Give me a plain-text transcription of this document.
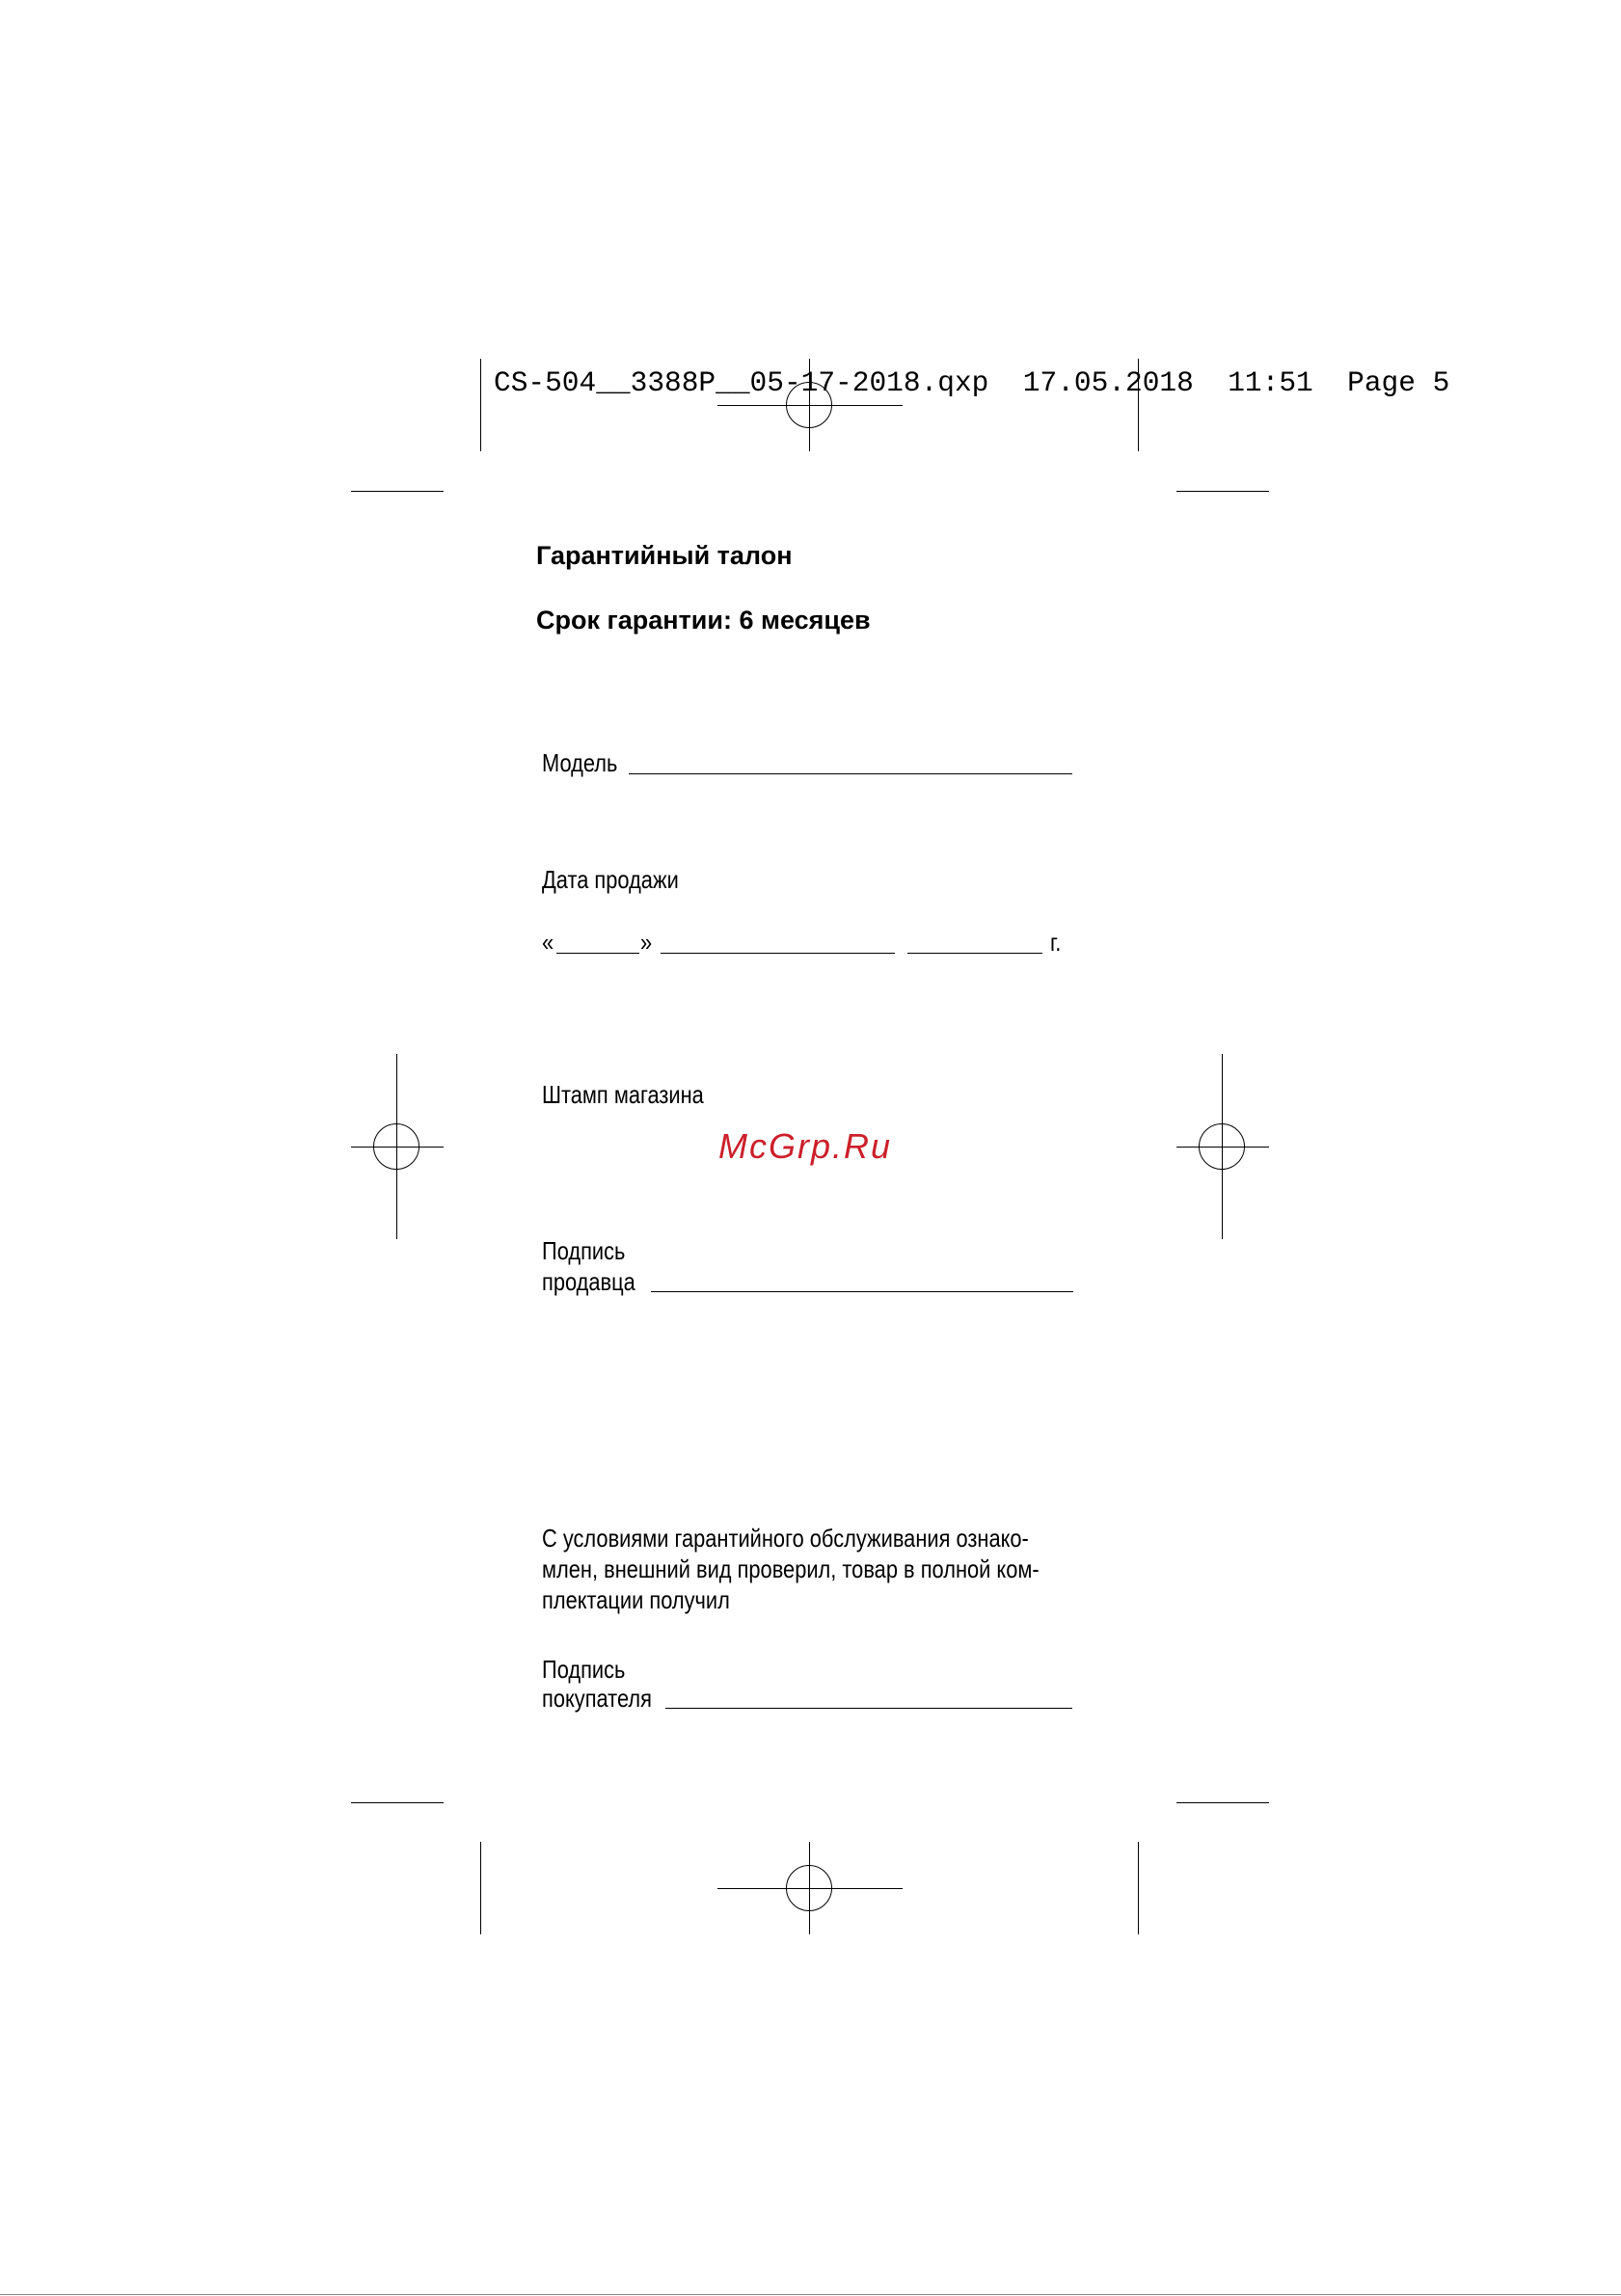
CS-504__3388P__05-17-2018.qxp  17.05.2018  11:51  Page 5
Гарантийный талон
Срок гарантии: 6 месяцев
Модель
Дата продажи
«	»	г.
Штамп магазина
McGrp.Ru
Подпись
продавца
С условиями гарантийного обслуживания ознако-
млен, внешний вид проверил, товар в полной ком-
плектации получил
Подпись
покупателя
